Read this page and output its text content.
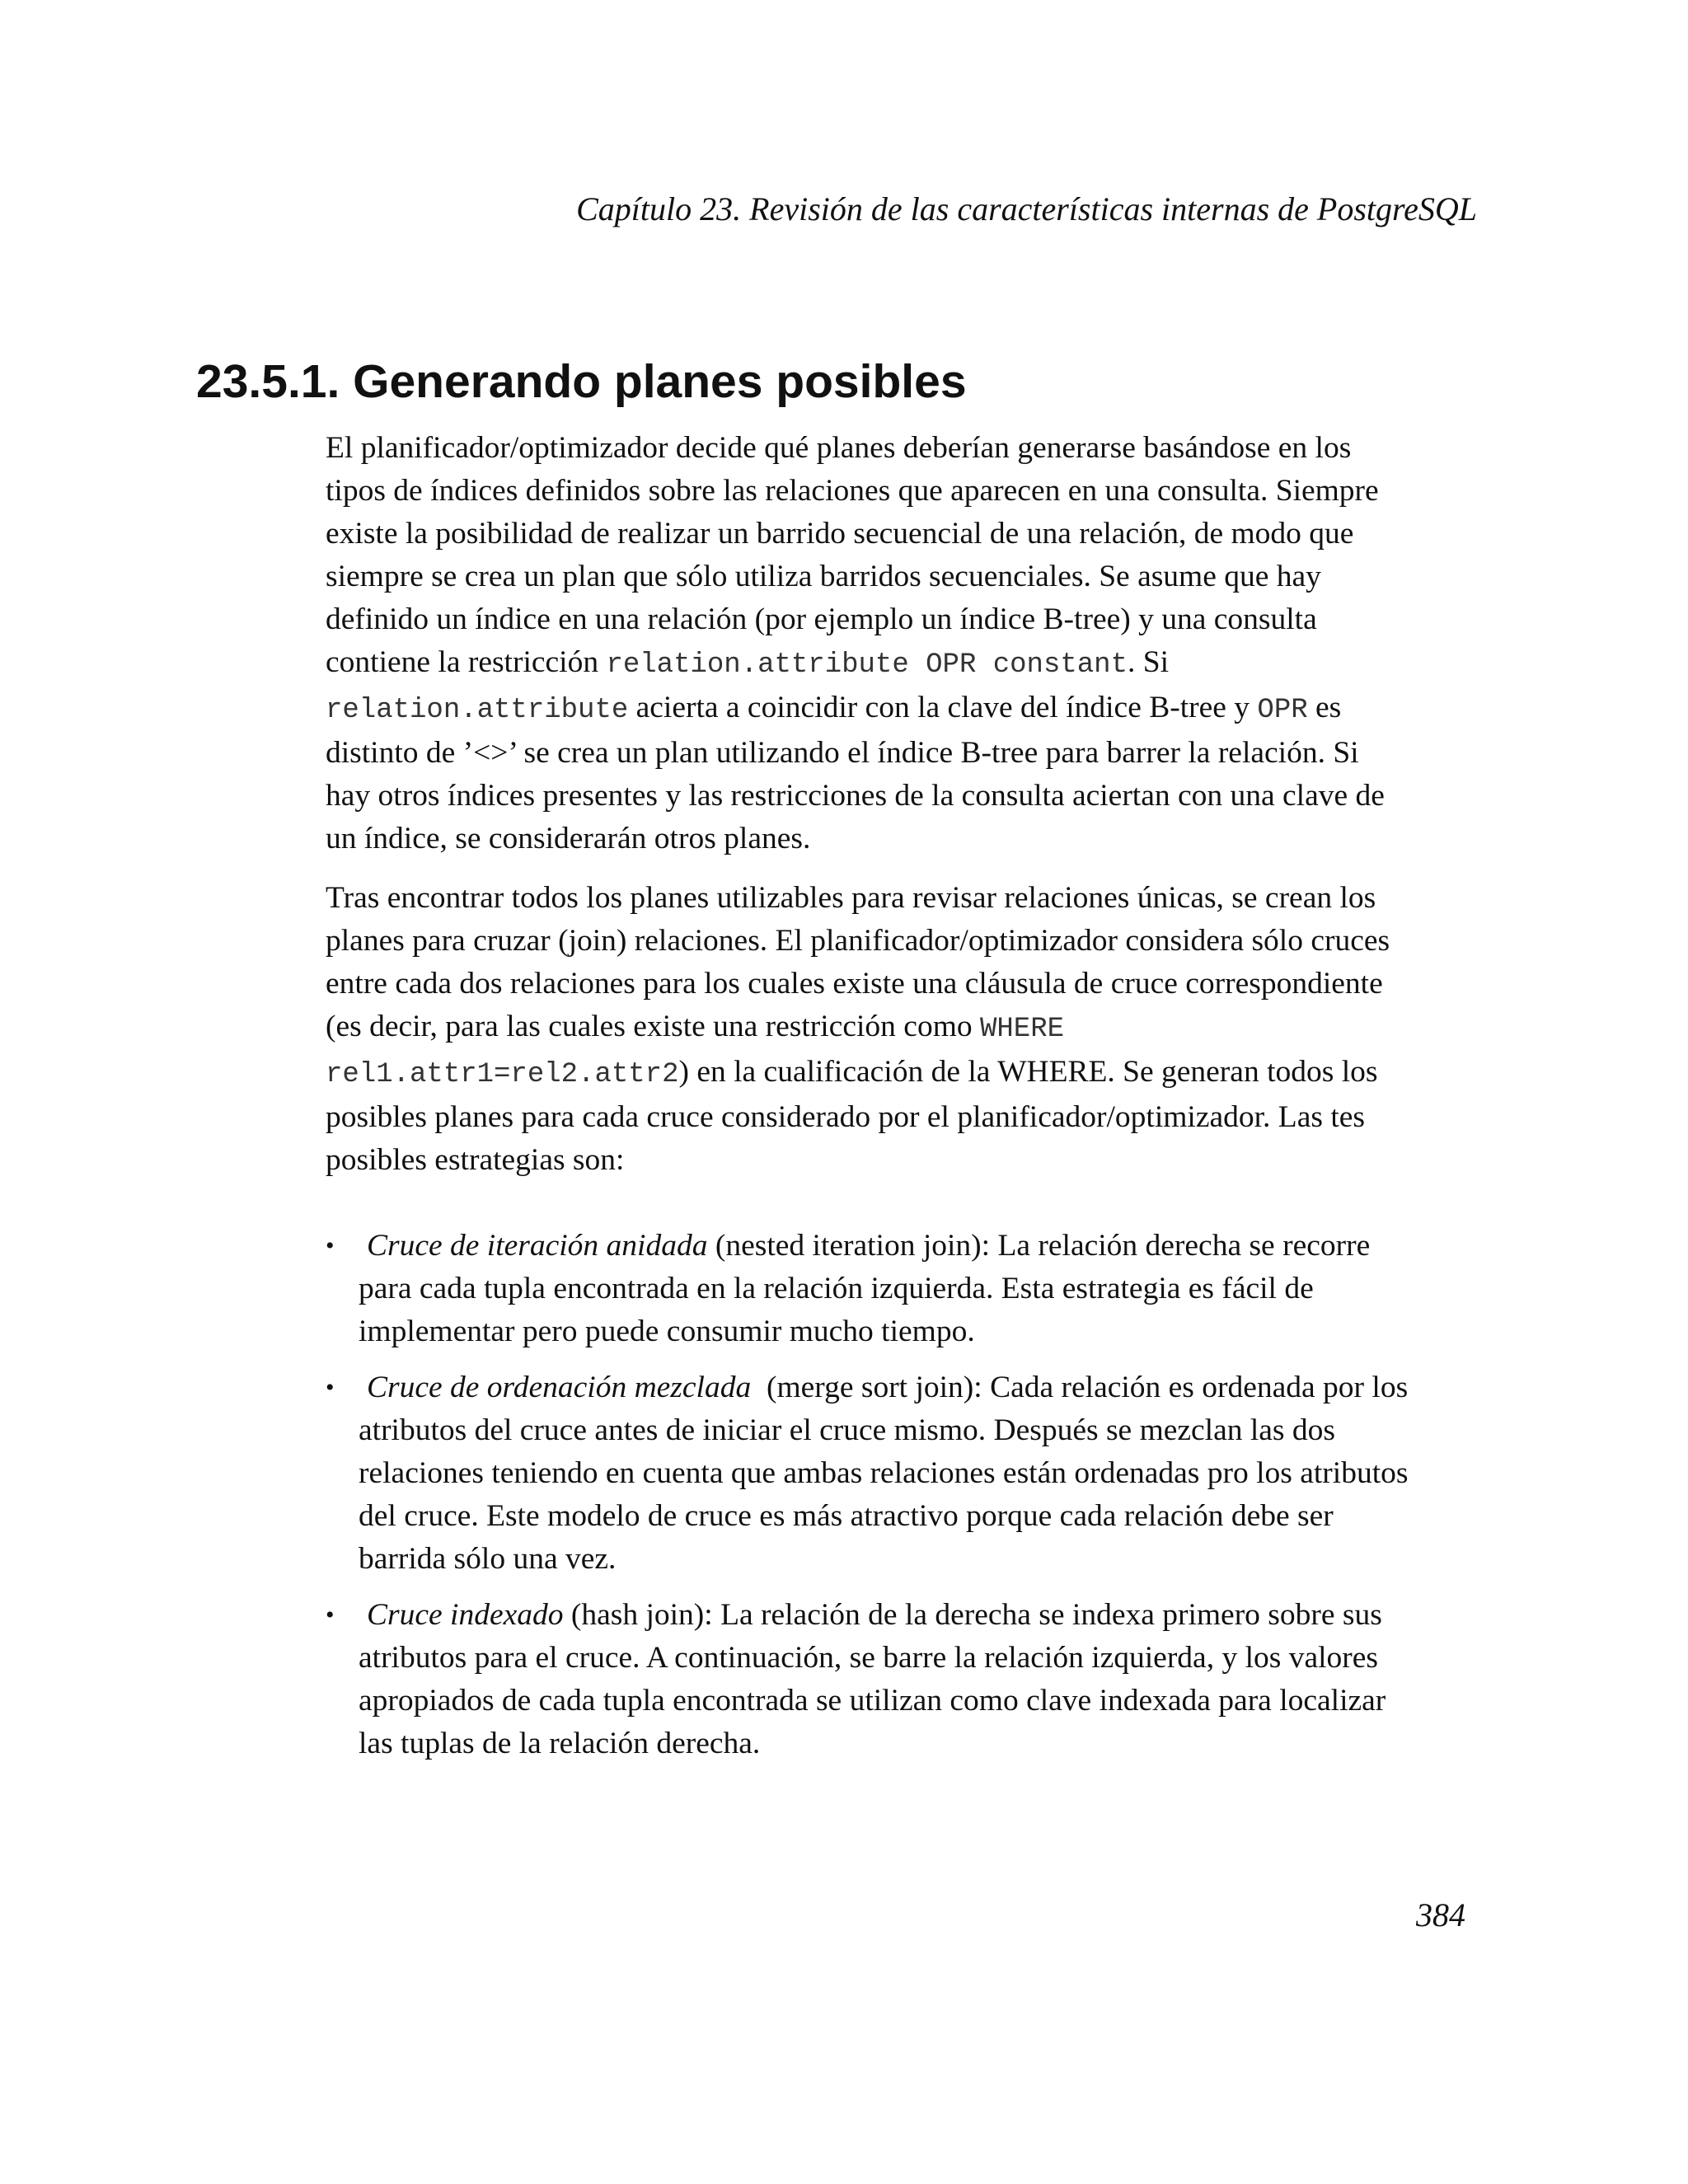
Capítulo 23. Revisión de las características internas de PostgreSQL

23.5.1. Generando planes posibles

El planificador/optimizador decide qué planes deberían generarse basándose en los
tipos de índices definidos sobre las relaciones que aparecen en una consulta. Siempre
existe la posibilidad de realizar un barrido secuencial de una relación, de modo que
siempre se crea un plan que sólo utiliza barridos secuenciales. Se asume que hay
definido un índice en una relación (por ejemplo un índice B-tree) y una consulta
contiene la restricción relation.attribute OPR constant. Si
relation.attribute acierta a coincidir con la clave del índice B-tree y OPR es
distinto de ’<>’ se crea un plan utilizando el índice B-tree para barrer la relación. Si
hay otros índices presentes y las restricciones de la consulta aciertan con una clave de
un índice, se considerarán otros planes.

Tras encontrar todos los planes utilizables para revisar relaciones únicas, se crean los
planes para cruzar (join) relaciones. El planificador/optimizador considera sólo cruces
entre cada dos relaciones para los cuales existe una cláusula de cruce correspondiente
(es decir, para las cuales existe una restricción como WHERE
rel1.attr1=rel2.attr2) en la cualificación de la WHERE. Se generan todos los
posibles planes para cada cruce considerado por el planificador/optimizador. Las tes
posibles estrategias son:

• Cruce de iteración anidada (nested iteration join): La relación derecha se recorre
para cada tupla encontrada en la relación izquierda. Esta estrategia es fácil de
implementar pero puede consumir mucho tiempo.
• Cruce de ordenación mezclada  (merge sort join): Cada relación es ordenada por los
atributos del cruce antes de iniciar el cruce mismo. Después se mezclan las dos
relaciones teniendo en cuenta que ambas relaciones están ordenadas pro los atributos
del cruce. Este modelo de cruce es más atractivo porque cada relación debe ser
barrida sólo una vez.
• Cruce indexado (hash join): La relación de la derecha se indexa primero sobre sus
atributos para el cruce. A continuación, se barre la relación izquierda, y los valores
apropiados de cada tupla encontrada se utilizan como clave indexada para localizar
las tuplas de la relación derecha.

384
